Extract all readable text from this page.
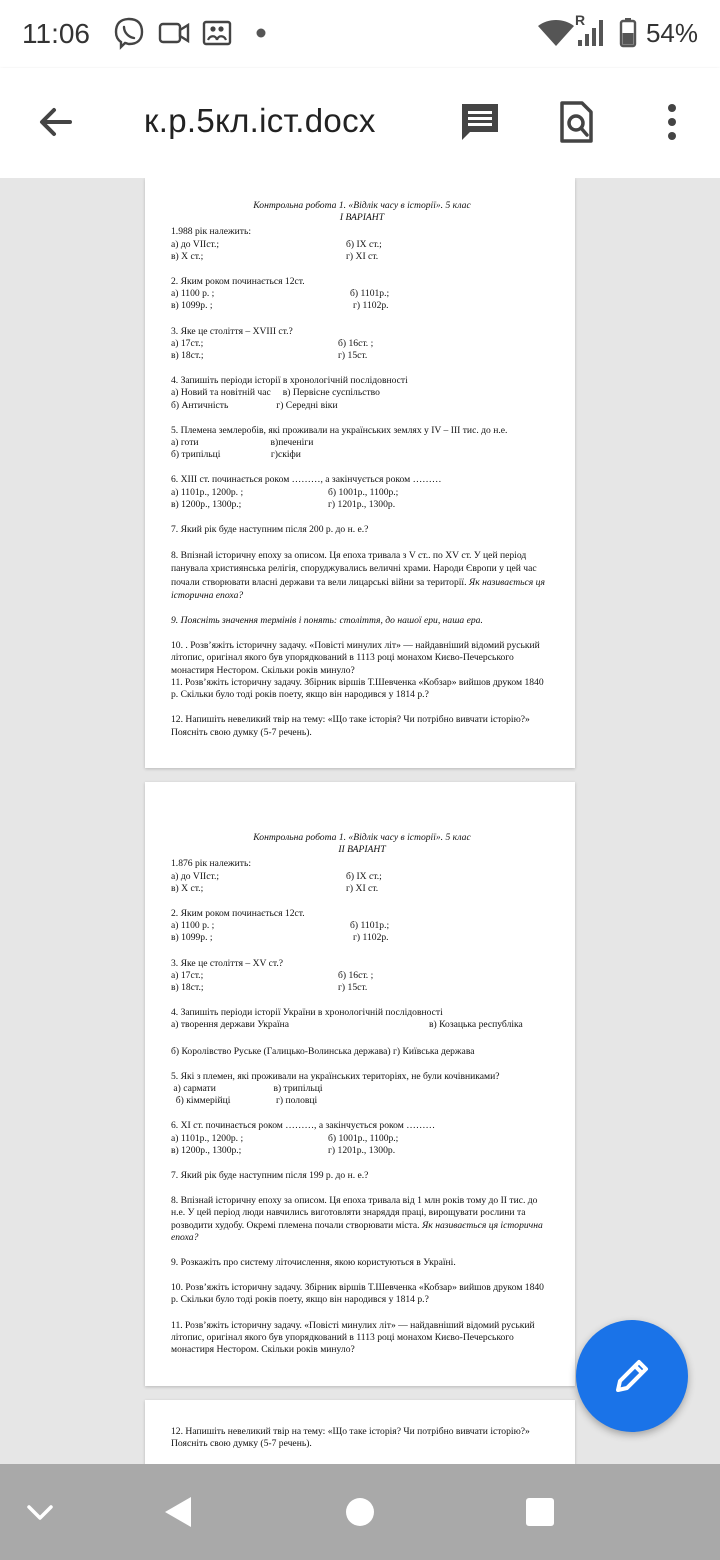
11:06	R 54%
к.р.5кл.іст.docx
Контрольна робота 1. «Відлік часу в історії». 5 клас
І ВАРІАНТ
1.988 рік належить:
а) до VІІст.;	б) ІХ ст.;
в) Х ст.;	г) ХІ ст.
2. Яким роком починається 12ст.
а) 1100 р. ;	б) 1101р.;
в) 1099р. ;	г) 1102р.
3. Яке це століття – ХVІІІ ст.?
а) 17ст.;	б) 16ст. ;
в) 18ст.;	г) 15ст.
4. Запишіть періоди історії в хронологічній послідовності
а) Новий та новітній час     в) Первісне суспільство
б) Античність                    г) Середні віки
5. Племена землеробів, які проживали на українських землях у ІV – ІІІ тис. до н.е.
а) готи                              в)печеніги
б) трипільці                     г)скіфи
6. ХІІІ ст. починається роком ………, а закінчується роком ………
а) 1101р., 1200р. ;	б) 1001р., 1100р.;
в) 1200р., 1300р.;	г) 1201р., 1300р.
7. Який рік буде наступним після 200 р. до н. е.?
8. Впізнай історичну епоху за описом. Ця епоха тривала з V ст.. по ХV ст. У цей період панувала християнська релігія, споруджувались величні храми. Народи Європи у цей час почали створювати власні держави та вели лицарські війни за території. Як називається ця історична епоха?
9. Поясніть значення термінів і понять: століття, до нашої ери, наша ера.
10. . Розв’яжіть історичну задачу. «Повісті минулих літ» — найдавніший відомий руський літопис, оригінал якого був упорядкований в 1113 році монахом Києво-Печерського монастиря Нестором. Скільки років минуло?
11. Розв’яжіть історичну задачу. Збірник віршів Т.Шевченка «Кобзар» вийшов друком 1840 р. Скільки було тоді років поету, якщо він народився у 1814 р.?
12. Напишіть невеликий твір на тему: «Що таке історія? Чи потрібно вивчати історію?» Поясніть свою думку (5-7 речень).
Контрольна робота 1. «Відлік часу в історії». 5 клас
ІІ ВАРІАНТ
1.876 рік належить:
а) до VІІст.;	б) ІХ ст.;
в) Х ст.;	г) ХІ ст.
2. Яким роком починається 12ст.
а) 1100 р. ;	б) 1101р.;
в) 1099р. ;	г) 1102р.
3. Яке це століття – ХV ст.?
а) 17ст.;	б) 16ст. ;
в) 18ст.;	г) 15ст.
4. Запишіть періоди історії України в хронологічній послідовності
а) творення держави Україна	в) Козацька республіка
б) Королівство Руське (Галицько-Волинська держава) г) Київська держава
5. Які з племен, які проживали на українських територіях, не були кочівниками?
а) сармати                        в) трипільці
б) кіммерійці                   г) половці
6. ХІ ст. починається роком ………, а закінчується роком ………
а) 1101р., 1200р. ;	б) 1001р., 1100р.;
в) 1200р., 1300р.;	г) 1201р., 1300р.
7. Який рік буде наступним після 199 р. до н. е.?
8. Впізнай історичну епоху за описом. Ця епоха тривала від 1 млн років тому до ІІ тис. до н.е. У цей період люди навчились виготовляти знаряддя праці, вирощувати рослини та розводити худобу. Окремі племена почали створювати міста. Як називається ця історична епоха?
9. Розкажіть про систему літочислення, якою користуються в Україні.
10. Розв’яжіть історичну задачу. Збірник віршів Т.Шевченка «Кобзар» вийшов друком 1840 р. Скільки було тоді років поету, якщо він народився у 1814 р.?
11. Розв’яжіть історичну задачу. «Повісті минулих літ» — найдавніший відомий руський літопис, оригінал якого був упорядкований в 1113 році монахом Києво-Печерського монастиря Нестором. Скільки років минуло?
12. Напишіть невеликий твір на тему: «Що таке історія? Чи потрібно вивчати історію?» Поясніть свою думку (5-7 речень).
